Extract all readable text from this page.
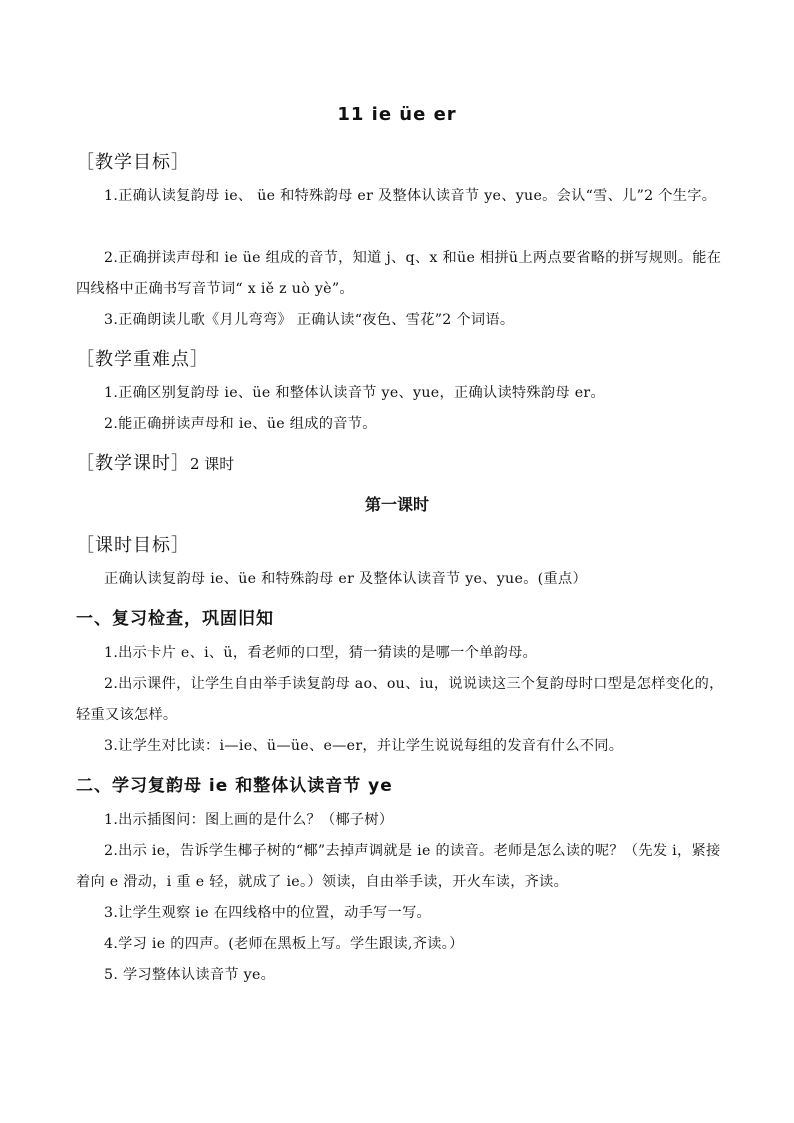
11 ie üe er
［教学目标］
1.正确认读复韵母 ie、 üe 和特殊韵母 er 及整体认读音节 ye、yue。会认“雪、儿”2 个生字。
2.正确拼读声母和 ie üe 组成的音节，知道 j、q、x 和üe 相拼ü上两点要省略的拼写规则。能在四线格中正确书写音节词“ x iě z uò yè”。
3.正确朗读儿歌《月儿弯弯》 正确认读“夜色、雪花”2 个词语。
［教学重难点］
1.正确区别复韵母 ie、üe 和整体认读音节 ye、yue，正确认读特殊韵母 er。
2.能正确拼读声母和 ie、üe 组成的音节。
［教学课时］2 课时
第一课时
［课时目标］
正确认读复韵母 ie、üe 和特殊韵母 er 及整体认读音节 ye、yue。(重点）
一、复习检查，巩固旧知
1.出示卡片 e、i、ü，看老师的口型，猜一猜读的是哪一个单韵母。
2.出示课件，让学生自由举手读复韵母 ao、ou、iu，说说读这三个复韵母时口型是怎样变化的，轻重又该怎样。
3.让学生对比读：i—ie、ü—üe、e—er，并让学生说说每组的发音有什么不同。
二、学习复韵母 ie 和整体认读音节 ye
1.出示插图问：图上画的是什么？（椰子树）
2.出示 ie，告诉学生椰子树的“椰”去掉声调就是 ie 的读音。老师是怎么读的呢？（先发 i，紧接着向 e 滑动，i 重 e 轻，就成了 ie。）领读，自由举手读，开火车读，齐读。
3.让学生观察 ie 在四线格中的位置，动手写一写。
4.学习 ie 的四声。(老师在黑板上写。学生跟读,齐读。）
5. 学习整体认读音节 ye。
